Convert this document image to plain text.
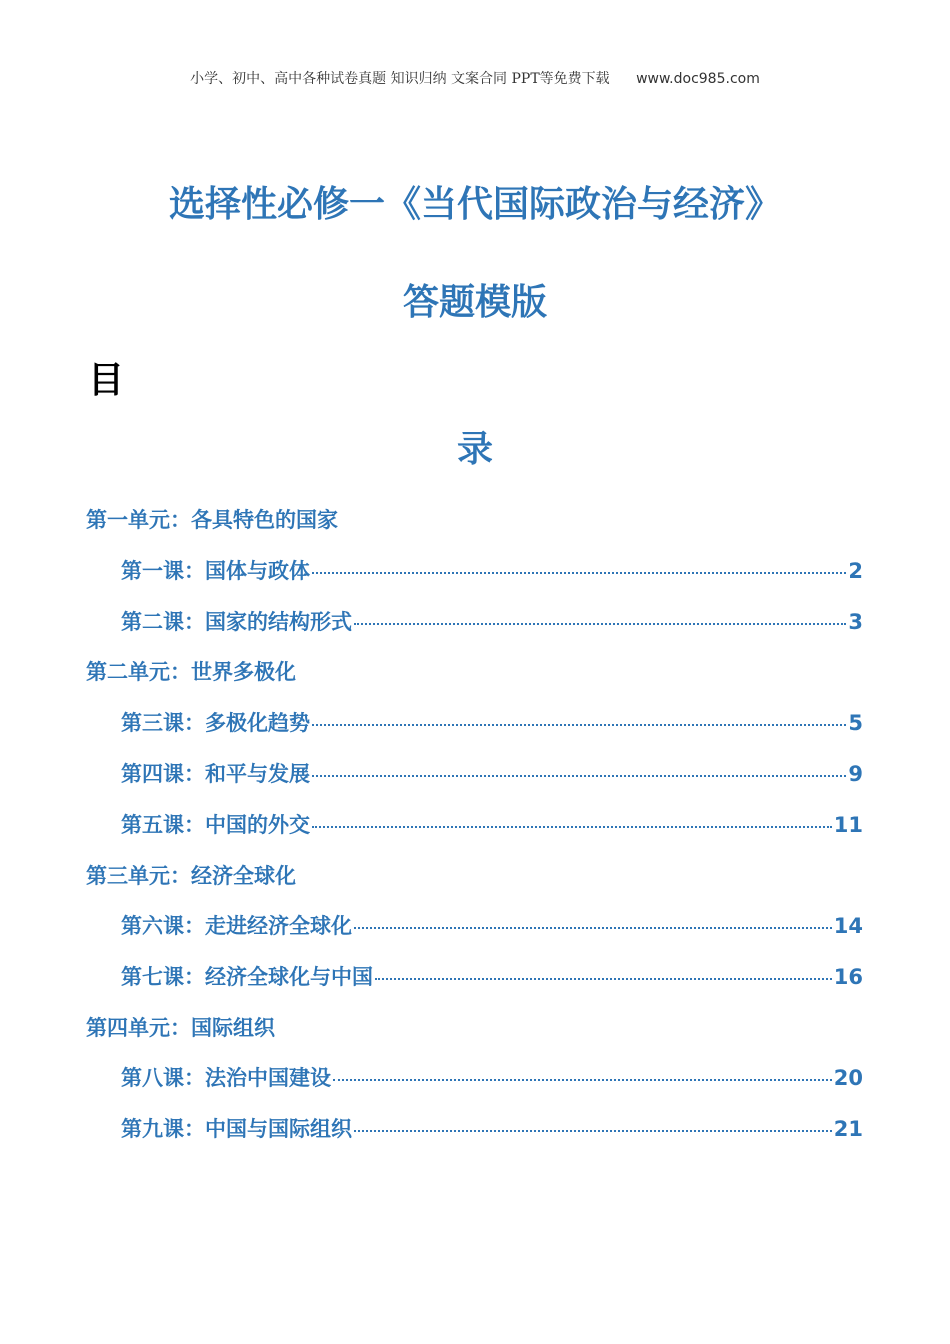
小学、初中、高中各种试卷真题 知识归纳 文案合同 PPT等免费下载 www.doc985.com
选择性必修一《当代国际政治与经济》
答题模版
目
录
第一单元：各具特色的国家
第一课：国体与政体	2
第二课：国家的结构形式	3
第二单元：世界多极化
第三课：多极化趋势	5
第四课：和平与发展	9
第五课：中国的外交	11
第三单元：经济全球化
第六课：走进经济全球化	14
第七课：经济全球化与中国	16
第四单元：国际组织
第八课：法治中国建设	20
第九课：中国与国际组织	21
